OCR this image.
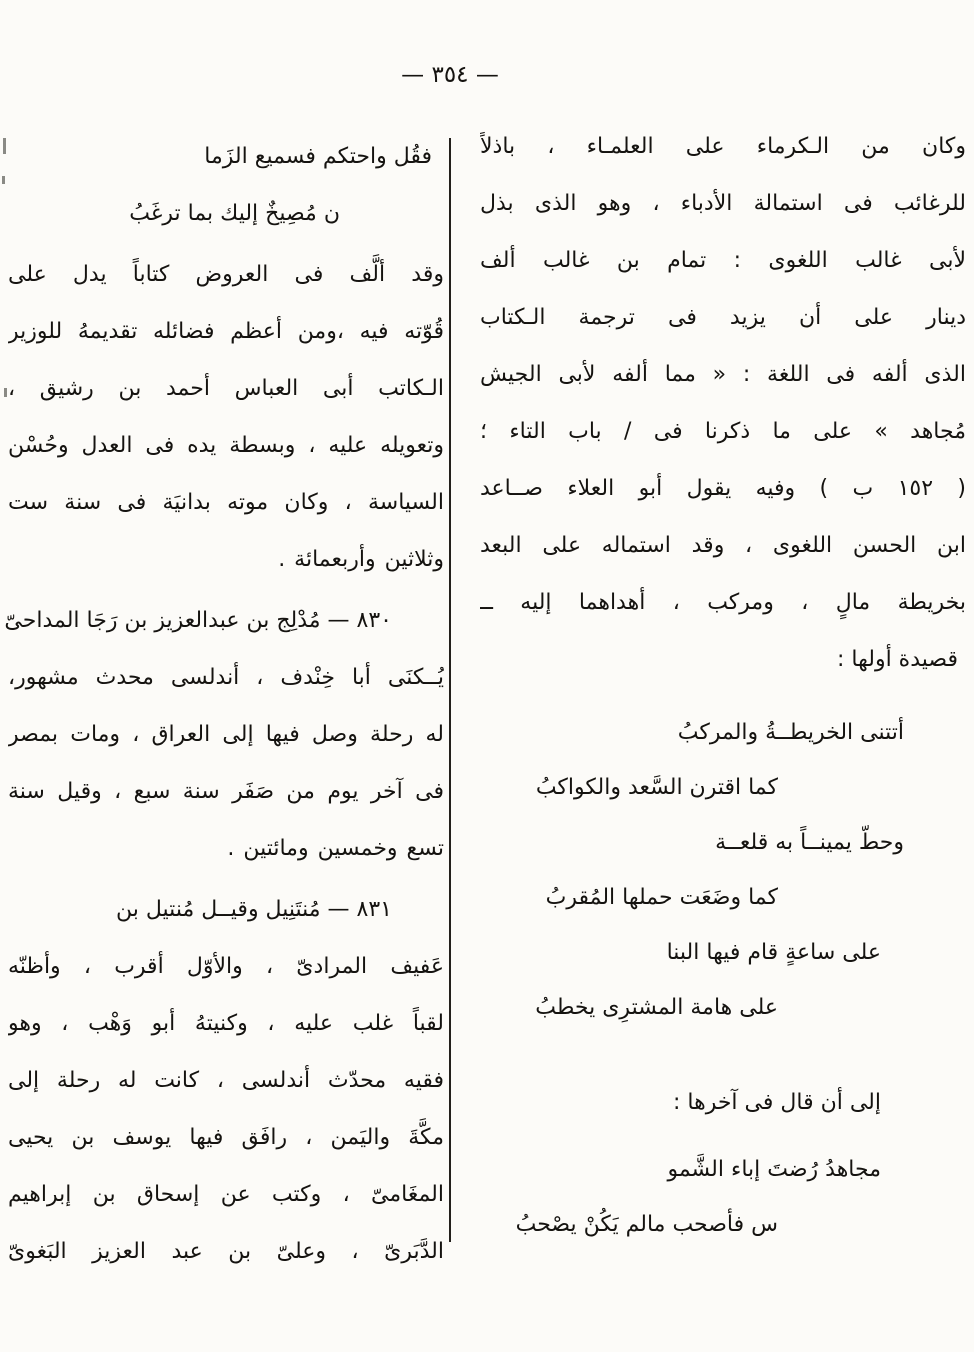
— ٣٥٤ —
وكان من الـكرماء على العلمـاء ، باذلاً
للرغائب فى استمالة الأدباء ، وهو الذى بذل
لأبى غالب اللغوى : تمام بن غالب ألف
دينار على أن يزيد فى ترجمة الـكتاب
الذى ألفه فى اللغة : « مما ألفه لأبى الجيش
مُجاهد » على ما ذكرنا فى / باب التاء ؛
( ١٥٢ ب ) وفيه يقول أبو العلاء صــاعد
ابن الحسن اللغوى ، وقد استماله على البعد
بخريطة مالٍ ، ومركب ، أهداهما إليه ــ
قصيدة أولها :
أتتنى الخريطــةُ والمركبُ
كما اقترن السَّعد والكواكبُ
وحطّ يمينــاً به قلعــة
كما وضَعَت حملها المُقربُ
على ساعةٍ قام فيها البنا
على هامة المشترِى يخطبُ
إلى أن قال فى آخرها :
مجاهدُ رُضتَ إباء الشَّمو
س فأصحب مالم يَكُنْ يصْحبُ
فقُل واحتكم فسميع الزَما
ن مُصِيخٌ إليك بما ترغَبُ
وقد ألَّف فى العروض كتاباً يدل على
قُوّته فيه ،ومن أعظم فضائله تقديمهُ للوزير
الـكاتب أبى العباس أحمد بن رشيق ،
وتعويله عليه ، وبسطة يده فى العدل وحُسْن
السياسة ، وكان موته بدانيَة فى سنة ست
وثلاثين وأربعمائة .
٨٣٠ — مُدْلِج بن عبدالعزيز بن رَجَا المداحىّ
يُــكنَى أبا خِنْدف ، أندلسى محدث مشهور،
له رحلة وصل فيها إلى العراق ، ومات بمصر
فى آخر يوم من صَفَر سنة سبع ، وقيل سنة
تسع وخمسين ومائتين .
٨٣١ — مُنتَنِيل وقيــل مُنتيل بن
عَفيف المرادىّ ، والأوّل أقرب ، وأظنّه
لقباً غلب عليه ، وكنيتهُ أبو وَهْب ، وهو
فقيه محدّث أندلسى ، كانت له رحلة إلى
مكَّةَ واليَمن ، رافَق فيها يوسف بن يحيى
المغَامىّ ، وكتب عن إسحاق بن إبراهيم
الدَّبَرىّ ، وعلىّ بن عبد العزيز البَغوىّ
